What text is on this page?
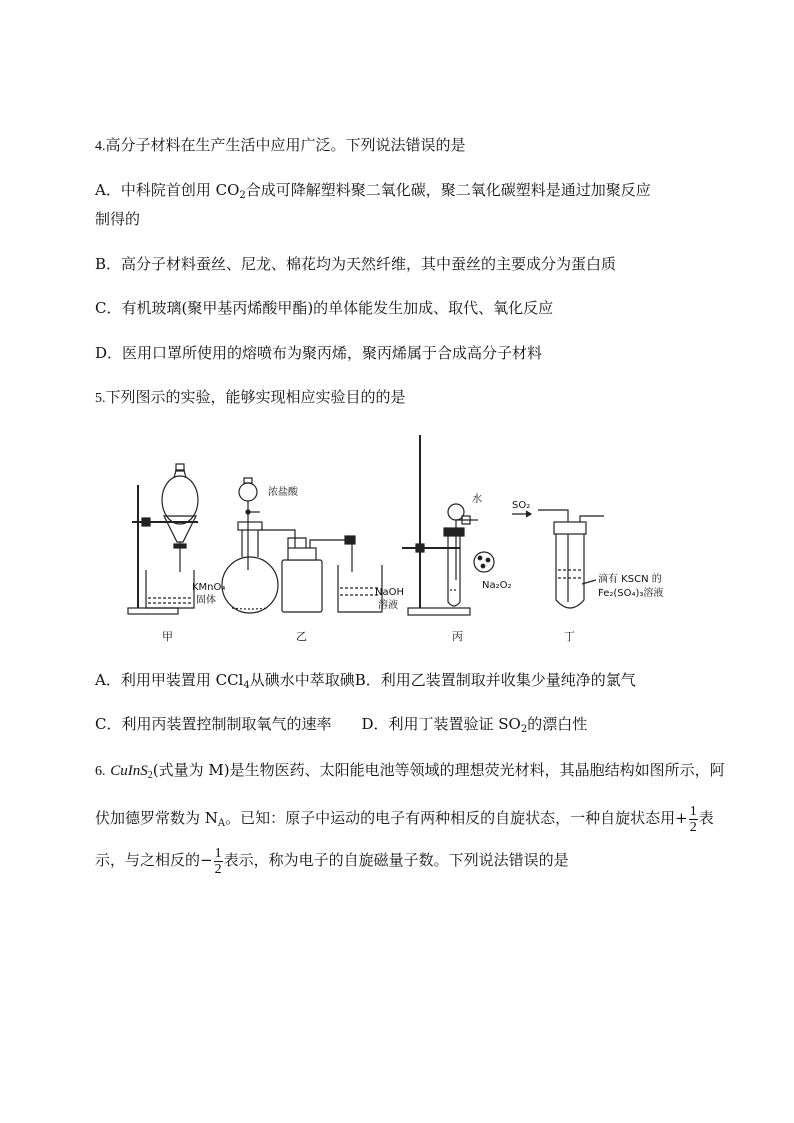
4.高分子材料在生产生活中应用广泛。下列说法错误的是
A．中科院首创用 $CO_2$合成可降解塑料聚二氧化碳，聚二氧化碳塑料是通过加聚反应
制得的
B．高分子材料蚕丝、尼龙、棉花均为天然纤维，其中蚕丝的主要成分为蛋白质
C．有机玻璃(聚甲基丙烯酸甲酯)的单体能发生加成、取代、氧化反应
D．医用口罩所使用的熔喷布为聚丙烯，聚丙烯属于合成高分子材料
5.下列图示的实验，能够实现相应实验目的的是
KMnO₄
固体
浓盐酸
NaOH
溶液
水
Na₂O₂
SO₂
滴有 KSCN 的
Fe₂(SO₄)₃溶液
甲	乙	丙	丁
A．利用甲装置用 CCl$_4$从碘水中萃取碘B．利用乙装置制取并收集少量纯净的氯气
C．利用丙装置控制制取氧气的速率 D．利用丁装置验证 $SO_2$的漂白性
6. CuInS$_2$(式量为 M)是生物医药、太阳能电池等领域的理想荧光材料，其晶胞结构如图所示，阿
伏加德罗常数为 $N_A$。已知：原子中运动的电子有两种相反的自旋状态，一种自旋状态用+ $\frac{1}{2}$ 表
示，与之相反的− $\frac{1}{2}$ 表示，称为电子的自旋磁量子数。下列说法错误的是
